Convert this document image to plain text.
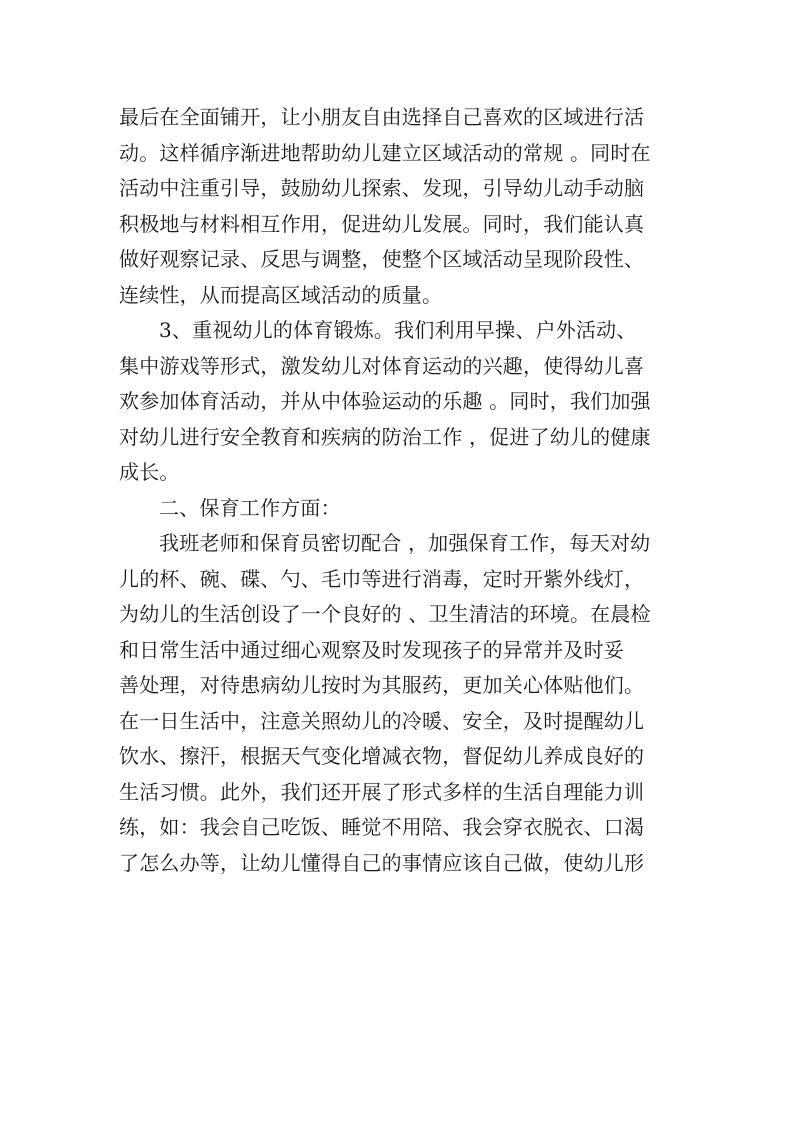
最后在全面铺开，让小朋友自由选择自己喜欢的区域进行活
动。这样循序渐进地帮助幼儿建立区域活动的常规 。同时在
活动中注重引导，鼓励幼儿探索、发现，引导幼儿动手动脑
积极地与材料相互作用，促进幼儿发展。同时，我们能认真
做好观察记录、反思与调整，使整个区域活动呈现阶段性、
连续性，从而提高区域活动的质量。
3、重视幼儿的体育锻炼。我们利用早操、户外活动、
集中游戏等形式，激发幼儿对体育运动的兴趣，使得幼儿喜
欢参加体育活动，并从中体验运动的乐趣 。同时，我们加强
对幼儿进行安全教育和疾病的防治工作 ，促进了幼儿的健康
成长。
二、保育工作方面：
我班老师和保育员密切配合 ，加强保育工作，每天对幼
儿的杯、碗、碟、勺、毛巾等进行消毒，定时开紫外线灯，
为幼儿的生活创设了一个良好的 、卫生清洁的环境。在晨检
和日常生活中通过细心观察及时发现孩子的异常并及时妥
善处理，对待患病幼儿按时为其服药，更加关心体贴他们。
在一日生活中，注意关照幼儿的冷暖、安全，及时提醒幼儿
饮水、擦汗，根据天气变化增减衣物，督促幼儿养成良好的
生活习惯。此外，我们还开展了形式多样的生活自理能力训
练，如：我会自己吃饭、睡觉不用陪、我会穿衣脱衣、口渴
了怎么办等，让幼儿懂得自己的事情应该自己做，使幼儿形
